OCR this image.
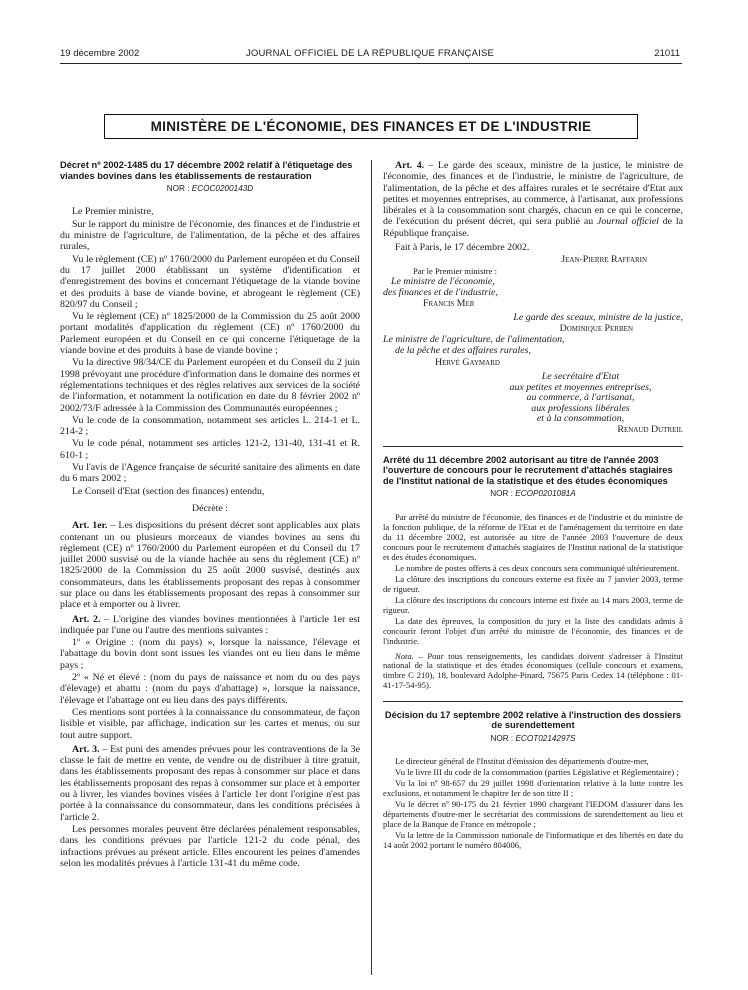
19 décembre 2002	JOURNAL OFFICIEL DE LA RÉPUBLIQUE FRANÇAISE	21011
MINISTÈRE DE L'ÉCONOMIE, DES FINANCES ET DE L'INDUSTRIE
Décret nº 2002-1485 du 17 décembre 2002 relatif à l'étiquetage des viandes bovines dans les établissements de restauration
NOR : ECOC0200143D

Le Premier ministre,

Sur le rapport du ministre de l'économie, des finances et de l'industrie et du ministre de l'agriculture, de l'alimentation, de la pêche et des affaires rurales,

Vu le règlement (CE) nº 1760/2000 du Parlement européen et du Conseil du 17 juillet 2000 établissant un système d'identification et d'enregistrement des bovins et concernant l'étiquetage de la viande bovine et des produits à base de viande bovine, et abrogeant le règlement (CE) 820/97 du Conseil ;

Vu le règlement (CE) nº 1825/2000 de la Commission du 25 août 2000 portant modalités d'application du règlement (CE) nº 1760/2000 du Parlement européen et du Conseil en ce qui concerne l'étiquetage de la viande bovine et des produits à base de viande bovine ;

Vu la directive 98/34/CE du Parlement européen et du Conseil du 2 juin 1998 prévoyant une procédure d'information dans le domaine des normes et réglementations techniques et des règles relatives aux services de la société de l'information, et notamment la notification en date du 8 février 2002 nº 2002/73/F adressée à la Commission des Communautés européennes ;

Vu le code de la consommation, notamment ses articles L. 214-1 et L. 214-2 ;

Vu le code pénal, notamment ses articles 121-2, 131-40, 131-41 et R. 610-1 ;

Vu l'avis de l'Agence française de sécurité sanitaire des aliments en date du 6 mars 2002 ;

Le Conseil d'Etat (section des finances) entendu,

Décrète :

Art. 1er. – Les dispositions du présent décret sont applicables aux plats contenant un ou plusieurs morceaux de viandes bovines au sens du règlement (CE) nº 1760/2000 du Parlement européen et du Conseil du 17 juillet 2000 susvisé ou de la viande hachée au sens du règlement (CE) nº 1825/2000 de la Commission du 25 août 2000 susvisé, destinés aux consommateurs, dans les établissements proposant des repas à consommer sur place ou dans les établissements proposant des repas à consommer sur place et à emporter ou à livrer.

Art. 2. – L'origine des viandes bovines mentionnées à l'article 1er est indiquée par l'une ou l'autre des mentions suivantes :

1º « Origine : (nom du pays) », lorsque la naissance, l'élevage et l'abattage du bovin dont sont issues les viandes ont eu lieu dans le même pays ;

2º « Né et élevé : (nom du pays de naissance et nom du ou des pays d'élevage) et abattu : (nom du pays d'abattage) », lorsque la naissance, l'élevage et l'abattage ont eu lieu dans des pays différents.

Ces mentions sont portées à la connaissance du consommateur, de façon lisible et visible, par affichage, indication sur les cartes et menus, ou sur tout autre support.

Art. 3. – Est puni des amendes prévues pour les contraventions de la 3e classe le fait de mettre en vente, de vendre ou de distribuer à titre gratuit, dans les établissements proposant des repas à consommer sur place et dans les établissements proposant des repas à consommer sur place et à emporter ou à livrer, les viandes bovines visées à l'article 1er dont l'origine n'est pas portée à la connaissance du consommateur, dans les conditions précisées à l'article 2.

Les personnes morales peuvent être déclarées pénalement responsables, dans les conditions prévues par l'article 121-2 du code pénal, des infractions prévues au présent article. Elles encourent les peines d'amendes selon les modalités prévues à l'article 131-41 du même code.

Art. 4. – Le garde des sceaux, ministre de la justice, le ministre de l'économie, des finances et de l'industrie, le ministre de l'agriculture, de l'alimentation, de la pêche et des affaires rurales et le secrétaire d'Etat aux petites et moyennes entreprises, au commerce, à l'artisanat, aux professions libérales et à la consommation sont chargés, chacun en ce qui le concerne, de l'exécution du présent décret, qui sera publié au Journal officiel de la République française.

Fait à Paris, le 17 décembre 2002.

Jean-Pierre Raffarin
Par le Premier ministre :
Le ministre de l'économie,
des finances et de l'industrie,
Francis Mer
Le garde des sceaux, ministre de la justice,
Dominique Perben
Le ministre de l'agriculture, de l'alimentation,
de la pêche et des affaires rurales,
Hervé Gaymard
Le secrétaire d'Etat
aux petites et moyennes entreprises,
au commerce, à l'artisanat,
aux professions libérales
et à la consommation,
Renaud Dutreil
Arrêté du 11 décembre 2002 autorisant au titre de l'année 2003 l'ouverture de concours pour le recrutement d'attachés stagiaires de l'Institut national de la statistique et des études économiques
NOR : ECOP0201081A

Par arrêté du ministre de l'économie, des finances et de l'industrie et du ministre de la fonction publique, de la réforme de l'Etat et de l'aménagement du territoire en date du 11 décembre 2002, est autorisée au titre de l'année 2003 l'ouverture de deux concours pour le recrutement d'attachés stagiaires de l'Institut national de la statistique et des études économiques.

Le nombre de postes offerts à ces deux concours sera communiqué ultérieurement.

La clôture des inscriptions du concours externe est fixée au 7 janvier 2003, terme de rigueur.

La clôture des inscriptions du concours interne est fixée au 14 mars 2003, terme de rigueur.

La date des épreuves, la composition du jury et la liste des candidats admis à concourir feront l'objet d'un arrêté du ministre de l'économie, des finances et de l'industrie.

Nota. – Pour tous renseignements, les candidats doivent s'adresser à l'Institut national de la statistique et des études économiques (cellule concours et examens, timbre C 210), 18, boulevard Adolphe-Pinard, 75675 Paris Cedex 14 (téléphone : 01-41-17-54-95).

Décision du 17 septembre 2002 relative à l'instruction des dossiers de surendettement
NOR : ECOT0214297S

Le directeur général de l'Institut d'émission des départements d'outre-mer,

Vu le livre III du code de la consommation (parties Législative et Réglementaire) ;

Vu la loi nº 98-657 du 29 juillet 1998 d'orientation relative à la lutte contre les exclusions, et notamment le chapitre Ier de son titre II ;

Vu le décret nº 90-175 du 21 février 1990 chargeant l'IEDOM d'assurer dans les départements d'outre-mer le secrétariat des commissions de surendettement au lieu et place de la Banque de France en métropole ;

Vu la lettre de la Commission nationale de l'informatique et des libertés en date du 14 août 2002 portant le numéro 804006,
